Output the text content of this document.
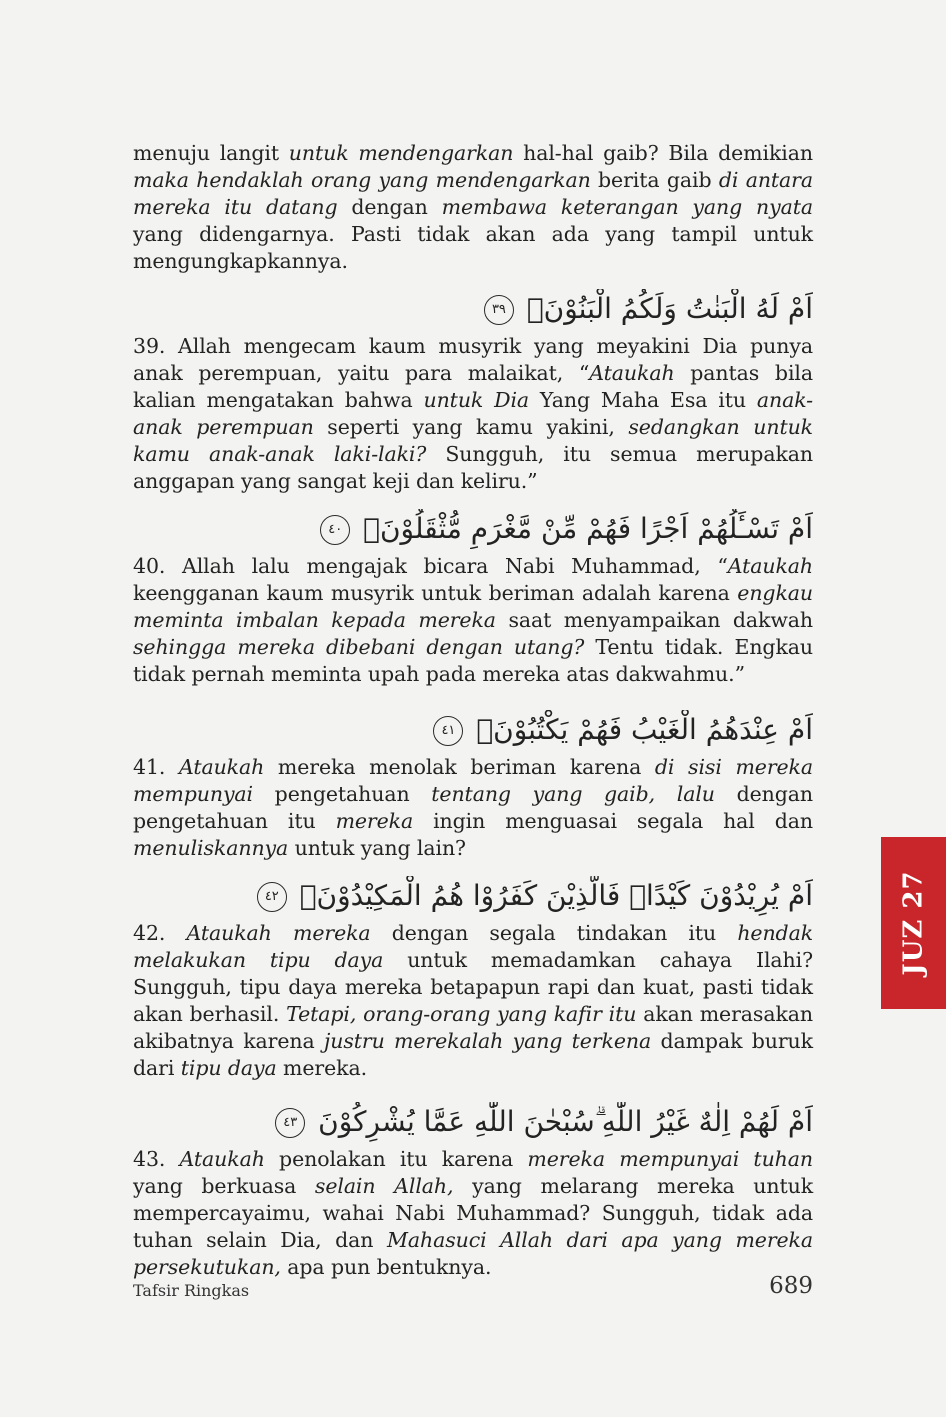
menuju langit untuk mendengarkan hal-hal gaib? Bila demikian maka hendaklah orang yang mendengarkan berita gaib di antara mereka itu datang dengan membawa keterangan yang nyata yang didengarnya. Pasti tidak akan ada yang tampil untuk mengungkapkannya.

اَمْ لَهُ الْبَنٰتُ وَلَكُمُ الْبَنُوْنَۗ ٣٩

39. Allah mengecam kaum musyrik yang meyakini Dia punya anak perempuan, yaitu para malaikat, “Ataukah pantas bila kalian mengatakan bahwa untuk Dia Yang Maha Esa itu anak-anak perempuan seperti yang kamu yakini, sedangkan untuk kamu anak-anak laki-laki? Sungguh, itu semua merupakan anggapan yang sangat keji dan keliru.”

اَمْ تَسْـَٔلُهُمْ اَجْرًا فَهُمْ مِّنْ مَّغْرَمٍ مُّثْقَلُوْنَۗ ٤٠

40. Allah lalu mengajak bicara Nabi Muhammad, “Ataukah keengganan kaum musyrik untuk beriman adalah karena engkau meminta imbalan kepada mereka saat menyampaikan dakwah sehingga mereka dibebani dengan utang? Tentu tidak. Engkau tidak pernah meminta upah pada mereka atas dakwahmu.”

اَمْ عِنْدَهُمُ الْغَيْبُ فَهُمْ يَكْتُبُوْنَۗ ٤١

41. Ataukah mereka menolak beriman karena di sisi mereka mempunyai pengetahuan tentang yang gaib, lalu dengan pengetahuan itu mereka ingin menguasai segala hal dan menuliskannya untuk yang lain?

اَمْ يُرِيْدُوْنَ كَيْدًاۗ فَالَّذِيْنَ كَفَرُوْا هُمُ الْمَكِيْدُوْنَۗ ٤٢

42. Ataukah mereka dengan segala tindakan itu hendak melakukan tipu daya untuk memadamkan cahaya Ilahi? Sungguh, tipu daya mereka betapapun rapi dan kuat, pasti tidak akan berhasil. Tetapi, orang-orang yang kafir itu akan merasakan akibatnya karena justru merekalah yang terkena dampak buruk dari tipu daya mereka.

اَمْ لَهُمْ اِلٰهٌ غَيْرُ اللّٰهِ ۗسُبْحٰنَ اللّٰهِ عَمَّا يُشْرِكُوْنَ ٤٣

43. Ataukah penolakan itu karena mereka mempunyai tuhan yang berkuasa selain Allah, yang melarang mereka untuk mempercayaimu, wahai Nabi Muhammad? Sungguh, tidak ada tuhan selain Dia, dan Mahasuci Allah dari apa yang mereka persekutukan, apa pun bentuknya.

JUZ 27
Tafsir Ringkas	689
